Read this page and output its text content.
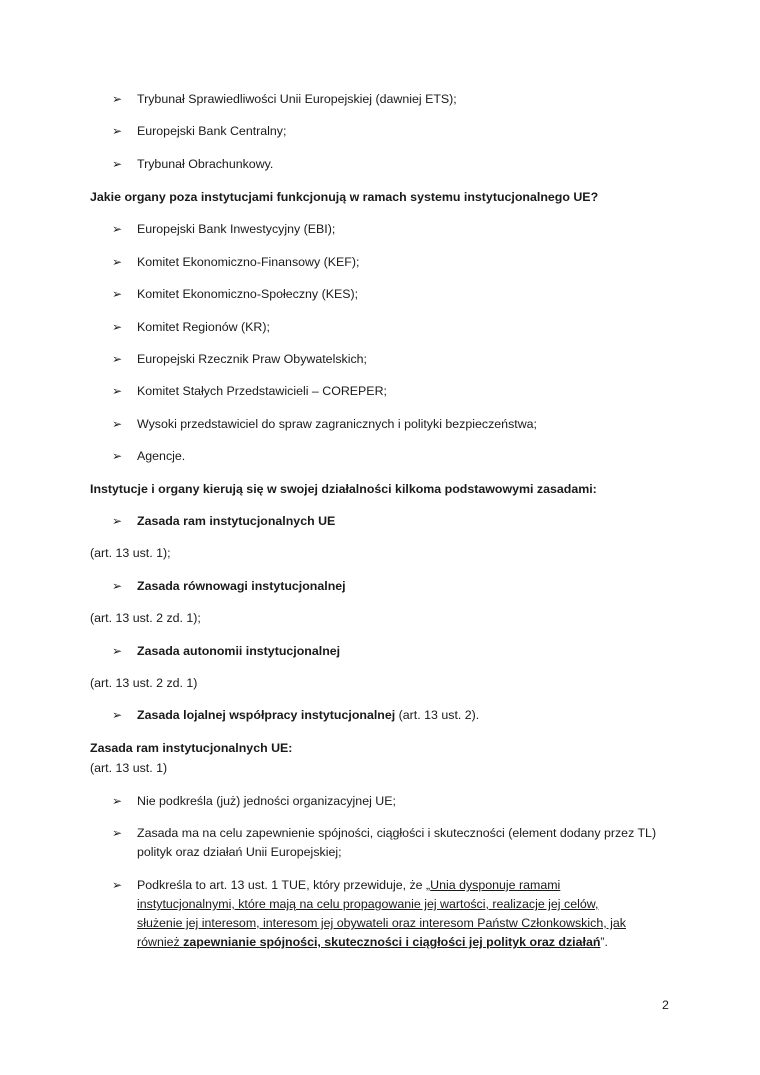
➢	Trybunał Sprawiedliwości Unii Europejskiej (dawniej ETS);
➢	Europejski Bank Centralny;
➢	Trybunał Obrachunkowy.
Jakie organy poza instytucjami funkcjonują w ramach systemu instytucjonalnego UE?
➢	Europejski Bank Inwestycyjny (EBI);
➢	Komitet Ekonomiczno-Finansowy (KEF);
➢	Komitet Ekonomiczno-Społeczny (KES);
➢	Komitet Regionów (KR);
➢	Europejski Rzecznik Praw Obywatelskich;
➢	Komitet Stałych Przedstawicieli – COREPER;
➢	Wysoki przedstawiciel do spraw zagranicznych i polityki bezpieczeństwa;
➢	Agencje.
Instytucje i organy kierują się w swojej działalności kilkoma podstawowymi zasadami:
➢	Zasada ram instytucjonalnych UE
(art. 13 ust. 1);
➢	Zasada równowagi instytucjonalnej
(art. 13 ust. 2 zd. 1);
➢	Zasada autonomii instytucjonalnej
(art. 13 ust. 2 zd. 1)
➢	Zasada lojalnej współpracy instytucjonalnej (art. 13 ust. 2).
Zasada ram instytucjonalnych UE:
(art. 13 ust. 1)
➢	Nie podkreśla (już) jedności organizacyjnej UE;
➢	Zasada ma na celu zapewnienie spójności, ciągłości i skuteczności (element dodany przez TL)
polityk oraz działań Unii Europejskiej;
➢	Podkreśla to art. 13 ust. 1 TUE, który przewiduje, że „Unia dysponuje ramami
instytucjonalnymi, które mają na celu propagowanie jej wartości, realizacje jej celów,
służenie jej interesom, interesom jej obywateli oraz interesom Państw Członkowskich, jak
również zapewnianie spójności, skuteczności i ciągłości jej polityk oraz działań”.
2
